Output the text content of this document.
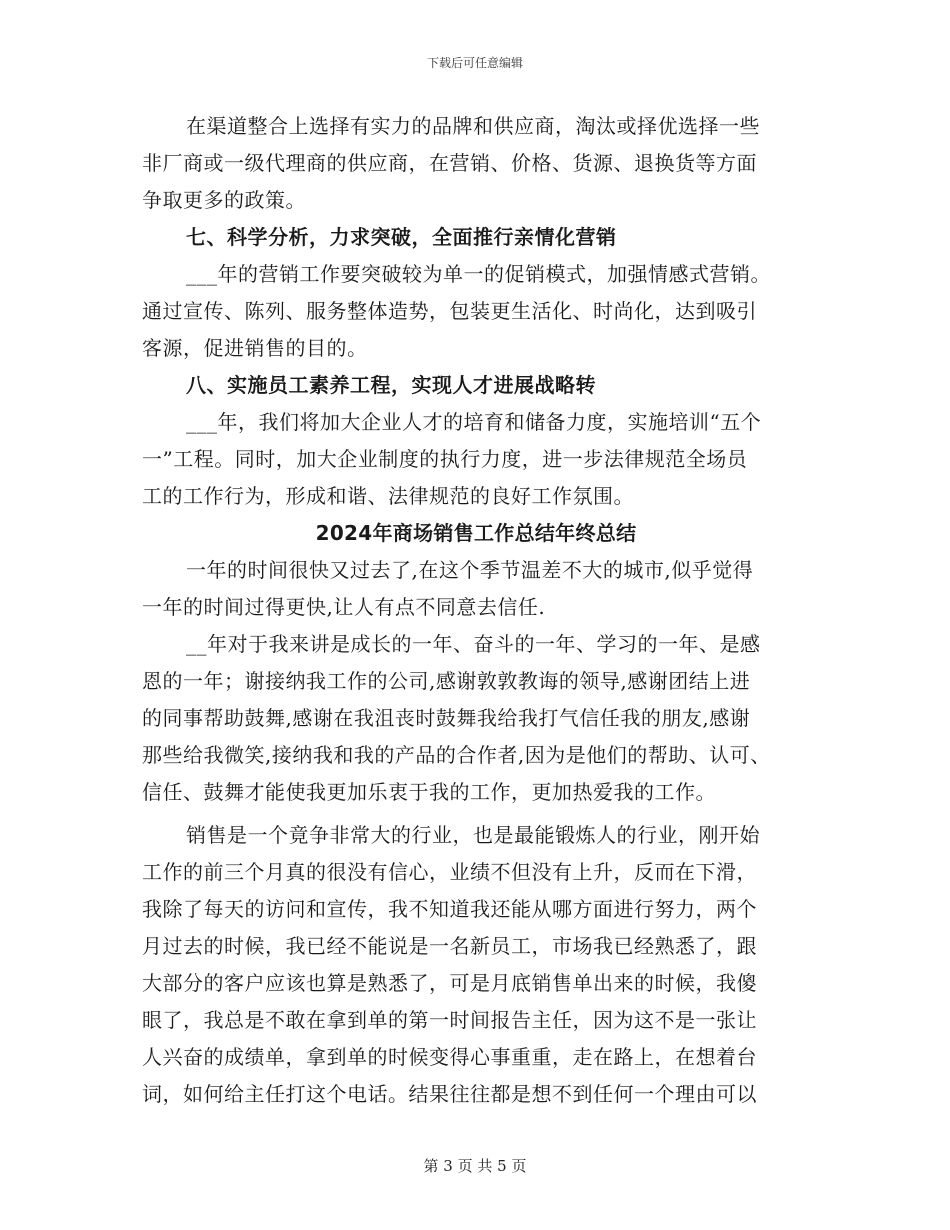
下载后可任意编辑
在渠道整合上选择有实力的品牌和供应商，淘汰或择优选择一些
非厂商或一级代理商的供应商，在营销、价格、货源、退换货等方面
争取更多的政策。
七、科学分析，力求突破，全面推行亲情化营销
___年的营销工作要突破较为单一的促销模式，加强情感式营销。
通过宣传、陈列、服务整体造势，包装更生活化、时尚化，达到吸引
客源，促进销售的目的。
八、实施员工素养工程，实现人才进展战略转
___年，我们将加大企业人才的培育和储备力度，实施培训“五个
一”工程。同时，加大企业制度的执行力度，进一步法律规范全场员
工的工作行为，形成和谐、法律规范的良好工作氛围。
2024年商场销售工作总结年终总结
一年的时间很快又过去了,在这个季节温差不大的城市,似乎觉得
一年的时间过得更快,让人有点不同意去信任.
__年对于我来讲是成长的一年、奋斗的一年、学习的一年、是感
恩的一年；谢接纳我工作的公司,感谢敦敦教诲的领导,感谢团结上进
的同事帮助鼓舞,感谢在我沮丧时鼓舞我给我打气信任我的朋友,感谢
那些给我微笑,接纳我和我的产品的合作者,因为是他们的帮助、认可、
信任、鼓舞才能使我更加乐衷于我的工作，更加热爱我的工作。
销售是一个竟争非常大的行业，也是最能锻炼人的行业，刚开始
工作的前三个月真的很没有信心，业绩不但没有上升，反而在下滑，
我除了每天的访问和宣传，我不知道我还能从哪方面进行努力，两个
月过去的时候，我已经不能说是一名新员工，市场我已经熟悉了，跟
大部分的客户应该也算是熟悉了，可是月底销售单出来的时候，我傻
眼了，我总是不敢在拿到单的第一时间报告主任，因为这不是一张让
人兴奋的成绩单，拿到单的时候变得心事重重，走在路上，在想着台
词，如何给主任打这个电话。结果往往都是想不到任何一个理由可以
第 3 页 共 5 页
